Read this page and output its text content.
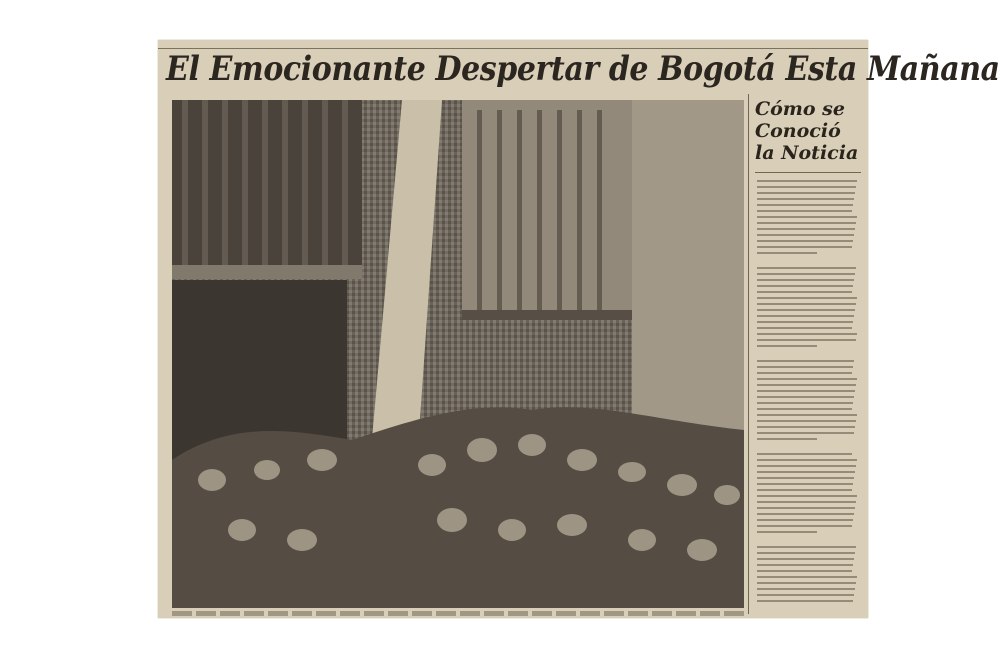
El Emocionante Despertar de Bogotá Esta Mañana
Cómo se
Conoció
la Noticia
